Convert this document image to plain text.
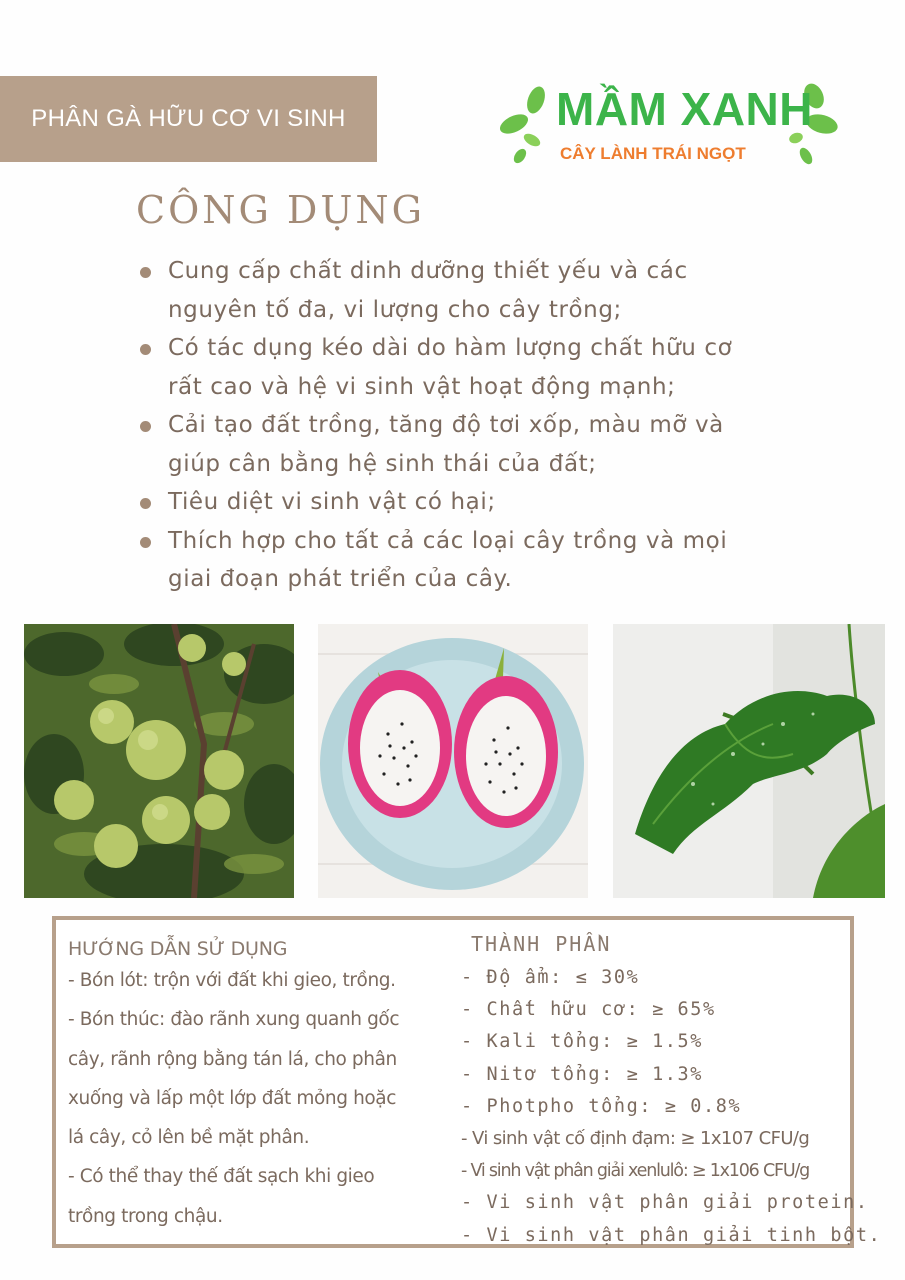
PHÂN GÀ HỮU CƠ VI SINH	MẦM XANH
CÂY LÀNH TRÁI NGỌT
CÔNG DỤNG
Cung cấp chất dinh dưỡng thiết yếu và các
nguyên tố đa, vi lượng cho cây trồng;
Có tác dụng kéo dài do hàm lượng chất hữu cơ
rất cao và hệ vi sinh vật hoạt động mạnh;
Cải tạo đất trồng, tăng độ tơi xốp, màu mỡ và
giúp cân bằng hệ sinh thái của đất;
Tiêu diệt vi sinh vật có hại;
Thích hợp cho tất cả các loại cây trồng và mọi
giai đoạn phát triển của cây.
HƯỚNG DẪN SỬ DỤNG
- Bón lót: trộn với đất khi gieo, trồng.
- Bón thúc: đào rãnh xung quanh gốc
cây, rãnh rộng bằng tán lá, cho phân
xuống và lấp một lớp đất mỏng hoặc
lá cây, cỏ lên bề mặt phân.
- Có thể thay thế đất sạch khi gieo
trồng trong chậu.
THÀNH PHẦN
- Độ ẩm: ≤ 30%
- Chất hữu cơ: ≥ 65%
- Kali tổng: ≥ 1.5%
- Nitơ tổng: ≥ 1.3%
- Photpho tổng: ≥ 0.8%
- Vi sinh vật cố định đạm: ≥ 1x107 CFU/g
- Vi sinh vật phân giải xenlulô: ≥ 1x106 CFU/g
- Vi sinh vật phân giải protein.
- Vi sinh vật phân giải tinh bột.
